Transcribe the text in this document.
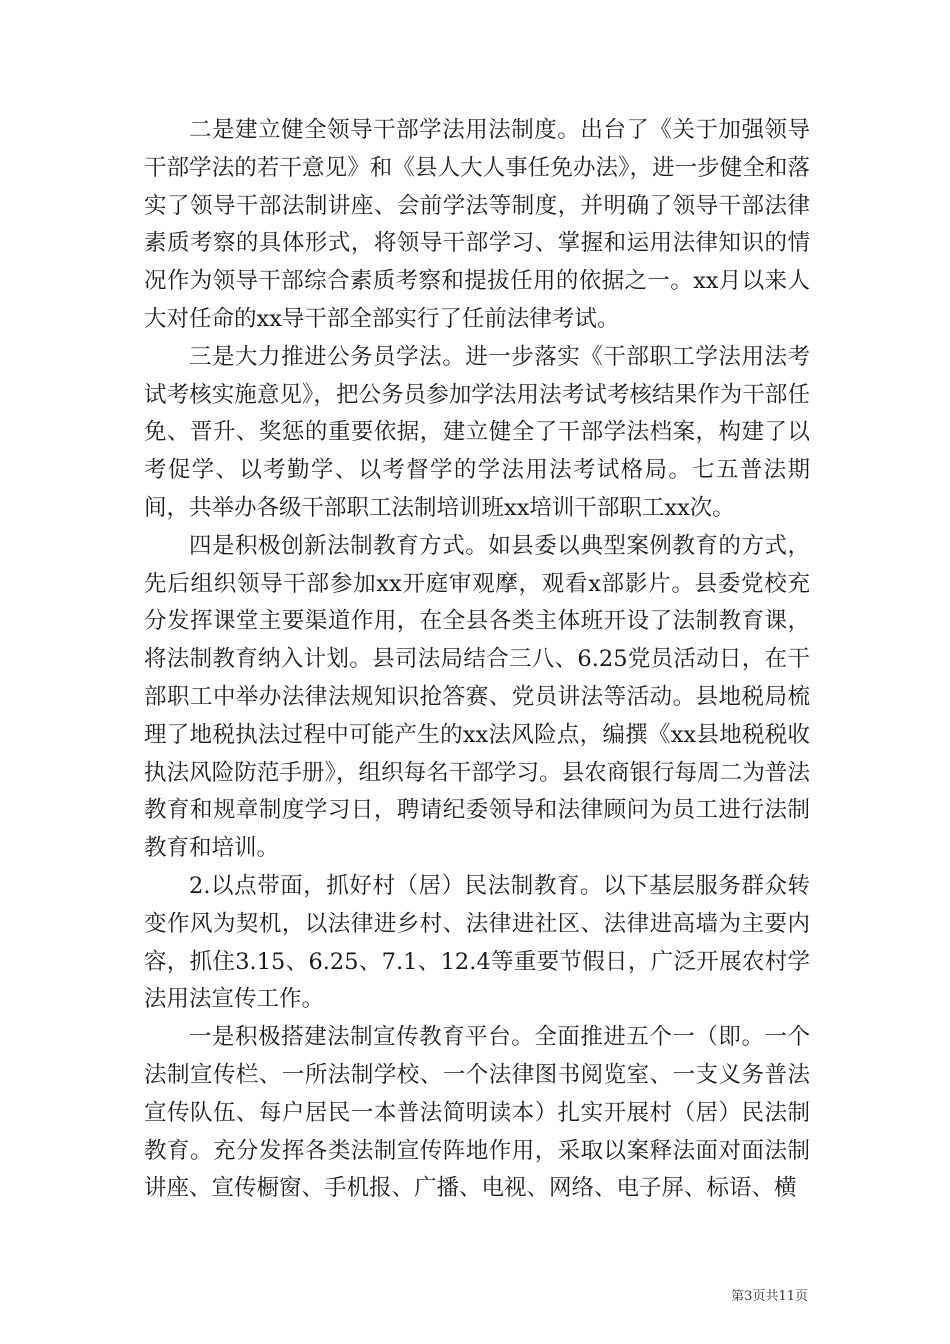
二是建立健全领导干部学法用法制度。出台了《关于加强领导干部学法的若干意见》和《县人大人事任免办法》，进一步健全和落实了领导干部法制讲座、会前学法等制度，并明确了领导干部法律素质考察的具体形式，将领导干部学习、掌握和运用法律知识的情况作为领导干部综合素质考察和提拔任用的依据之一。xx月以来人大对任命的xx导干部全部实行了任前法律考试。

三是大力推进公务员学法。进一步落实《干部职工学法用法考试考核实施意见》，把公务员参加学法用法考试考核结果作为干部任免、晋升、奖惩的重要依据，建立健全了干部学法档案，构建了以考促学、以考勤学、以考督学的学法用法考试格局。七五普法期间，共举办各级干部职工法制培训班xx培训干部职工xx次。

四是积极创新法制教育方式。如县委以典型案例教育的方式，先后组织领导干部参加xx开庭审观摩，观看x部影片。县委党校充分发挥课堂主要渠道作用，在全县各类主体班开设了法制教育课，将法制教育纳入计划。县司法局结合三八、6.25党员活动日，在干部职工中举办法律法规知识抢答赛、党员讲法等活动。县地税局梳理了地税执法过程中可能产生的xx法风险点，编撰《xx县地税税收执法风险防范手册》，组织每名干部学习。县农商银行每周二为普法教育和规章制度学习日，聘请纪委领导和法律顾问为员工进行法制教育和培训。

2.以点带面，抓好村（居）民法制教育。以下基层服务群众转变作风为契机，以法律进乡村、法律进社区、法律进高墙为主要内容，抓住3.15、6.25、7.1、12.4等重要节假日，广泛开展农村学法用法宣传工作。

一是积极搭建法制宣传教育平台。全面推进五个一（即。一个法制宣传栏、一所法制学校、一个法律图书阅览室、一支义务普法宣传队伍、每户居民一本普法简明读本）扎实开展村（居）民法制教育。充分发挥各类法制宣传阵地作用，采取以案释法面对面法制讲座、宣传橱窗、手机报、广播、电视、网络、电子屏、标语、横

第3页共11页
